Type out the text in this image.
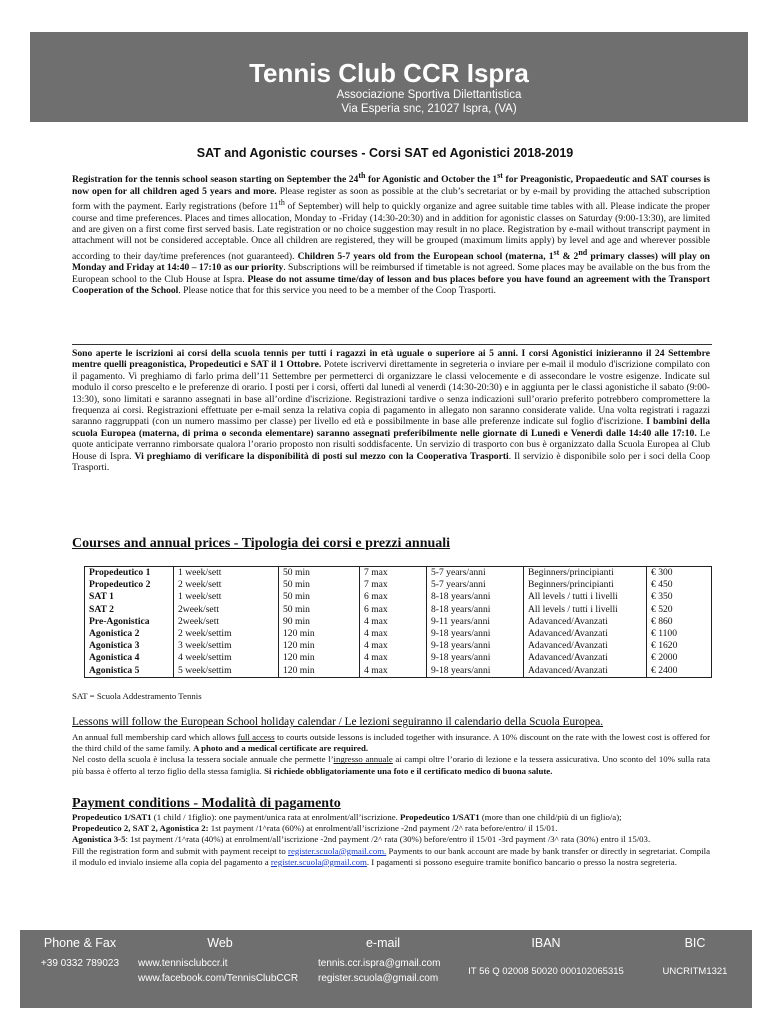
Tennis Club CCR Ispra
Associazione Sportiva Dilettantistica
Via Esperia snc, 21027 Ispra, (VA)
SAT and Agonistic courses - Corsi SAT ed Agonistici 2018-2019
Registration for the tennis school season starting on September the 24th for Agonistic and October the 1st for Preagonistic, Propaedeutic and SAT courses is now open for all children aged 5 years and more. Please register as soon as possible at the club’s secretariat or by e-mail by providing the attached subscription form with the payment. Early registrations (before 11th of September) will help to quickly organize and agree suitable time tables with all. Please indicate the proper course and time preferences. Places and times allocation, Monday to -Friday (14:30-20:30) and in addition for agonistic classes on Saturday (9:00-13:30), are limited and are given on a first come first served basis. Late registration or no choice suggestion may result in no place. Registration by e-mail without transcript payment in attachment will not be considered acceptable. Once all children are registered, they will be grouped (maximum limits apply) by level and age and wherever possible according to their day/time preferences (not guaranteed). Children 5-7 years old from the European school (materna, 1st & 2nd primary classes) will play on Monday and Friday at 14:40 – 17:10 as our priority. Subscriptions will be reimbursed if timetable is not agreed. Some places may be available on the bus from the European school to the Club House at Ispra. Please do not assume time/day of lesson and bus places before you have found an agreement with the Transport Cooperation of the School. Please notice that for this service you need to be a member of the Coop Trasporti.
Sono aperte le iscrizioni ai corsi della scuola tennis per tutti i ragazzi in età uguale o superiore ai 5 anni. I corsi Agonistici inizieranno il 24 Settembre mentre quelli preagonistica, Propedeutici e SAT il 1 Ottobre. Potete iscrivervi direttamente in segreteria o inviare per e-mail il modulo d'iscrizione compilato con il pagamento. Vi preghiamo di farlo prima dell’11 Settembre per permetterci di organizzare le classi velocemente e di assecondare le vostre esigenze. Indicate sul modulo il corso prescelto e le preferenze di orario. I posti per i corsi, offerti dal lunedì al venerdì (14:30-20:30) e in aggiunta per le classi agonistiche il sabato (9:00-13:30), sono limitati e saranno assegnati in base all’ordine d'iscrizione. Registrazioni tardive o senza indicazioni sull’orario preferito potrebbero compromettere la frequenza ai corsi. Registrazioni effettuate per e-mail senza la relativa copia di pagamento in allegato non saranno considerate valide. Una volta registrati i ragazzi saranno raggruppati (con un numero massimo per classe) per livello ed età e possibilmente in base alle preferenze indicate sul foglio d'iscrizione. I bambini della scuola Europea (materna, di prima o seconda elementare) saranno assegnati preferibilmente nelle giornate di Lunedì e Venerdì dalle 14:40 alle 17:10. Le quote anticipate verranno rimborsate qualora l’orario proposto non risulti soddisfacente. Un servizio di trasporto con bus è organizzato dalla Scuola Europea al Club House di Ispra. Vi preghiamo di verificare la disponibilità di posti sul mezzo con la Cooperativa Trasporti. Il servizio è disponibile solo per i soci della Coop Trasporti.
Courses and annual prices - Tipologia dei corsi e prezzi annuali
Propedeutico 1	1 week/sett	50 min	7 max	5-7 years/anni	Beginners/principianti	€ 300
Propedeutico 2	2 week/sett	50 min	7 max	5-7 years/anni	Beginners/principianti	€ 450
SAT 1	1 week/sett	50 min	6 max	8-18 years/anni	All levels / tutti i livelli	€ 350
SAT 2	2week/sett	50 min	6 max	8-18 years/anni	All levels / tutti i livelli	€ 520
Pre-Agonistica	2week/sett	90 min	4 max	9-11 years/anni	Adavanced/Avanzati	€ 860
Agonistica 2	2 week/settim	120 min	4 max	9-18 years/anni	Adavanced/Avanzati	€ 1100
Agonistica 3	3 week/settim	120 min	4 max	9-18 years/anni	Adavanced/Avanzati	€ 1620
Agonistica 4	4 week/settim	120 min	4 max	9-18 years/anni	Adavanced/Avanzati	€ 2000
Agonistica 5	5 week/settim	120 min	4 max	9-18 years/anni	Adavanced/Avanzati	€ 2400
SAT = Scuola Addestramento Tennis
Lessons will follow the European School holiday calendar / Le lezioni seguiranno il calendario della Scuola Europea.
An annual full membership card which allows full access to courts outside lessons is included together with insurance. A 10% discount on the rate with the lowest cost is offered for the third child of the same family. A photo and a medical certificate are required.
Nel costo della scuola è inclusa la tessera sociale annuale che permette l’ingresso annuale ai campi oltre l’orario di lezione e la tessera assicurativa. Uno sconto del 10% sulla rata più bassa è offerto al terzo figlio della stessa famiglia. Si richiede obbligatoriamente una foto e il certificato medico di buona salute.
Payment conditions - Modalità di pagamento
Propedeutico 1/SAT1 (1 child / 1figlio): one payment/unica rata at enrolment/all’iscrizione. Propedeutico 1/SAT1 (more than one child/più di un figlio/a);
Propedeutico 2, SAT 2, Agonistica 2: 1st payment /1^rata (60%) at enrolment/all’iscrizione -2nd payment /2^ rata before/entro/ il 15/01.
Agonistica 3-5: 1st payment /1^rata (40%) at enrolment/all’iscrizione -2nd payment /2^ rata (30%) before/entro il 15/01 -3rd payment /3^ rata (30%) entro il 15/03.
Fill the registration form and submit with payment receipt to register.scuola@gmail.com. Payments to our bank account are made by bank transfer or directly in segretariat. Compila il modulo ed invialo insieme alla copia del pagamento a register.scuola@gmail.com. I pagamenti si possono eseguire tramite bonifico bancario o presso la nostra segreteria.
Phone & Fax
+39 0332 789023
Web
www.tennisclubccr.it
www.facebook.com/TennisClubCCR
e-mail
tennis.ccr.ispra@gmail.com
register.scuola@gmail.com
IBAN
IT 56 Q 02008 50020 000102065315
BIC
UNCRITM1321
